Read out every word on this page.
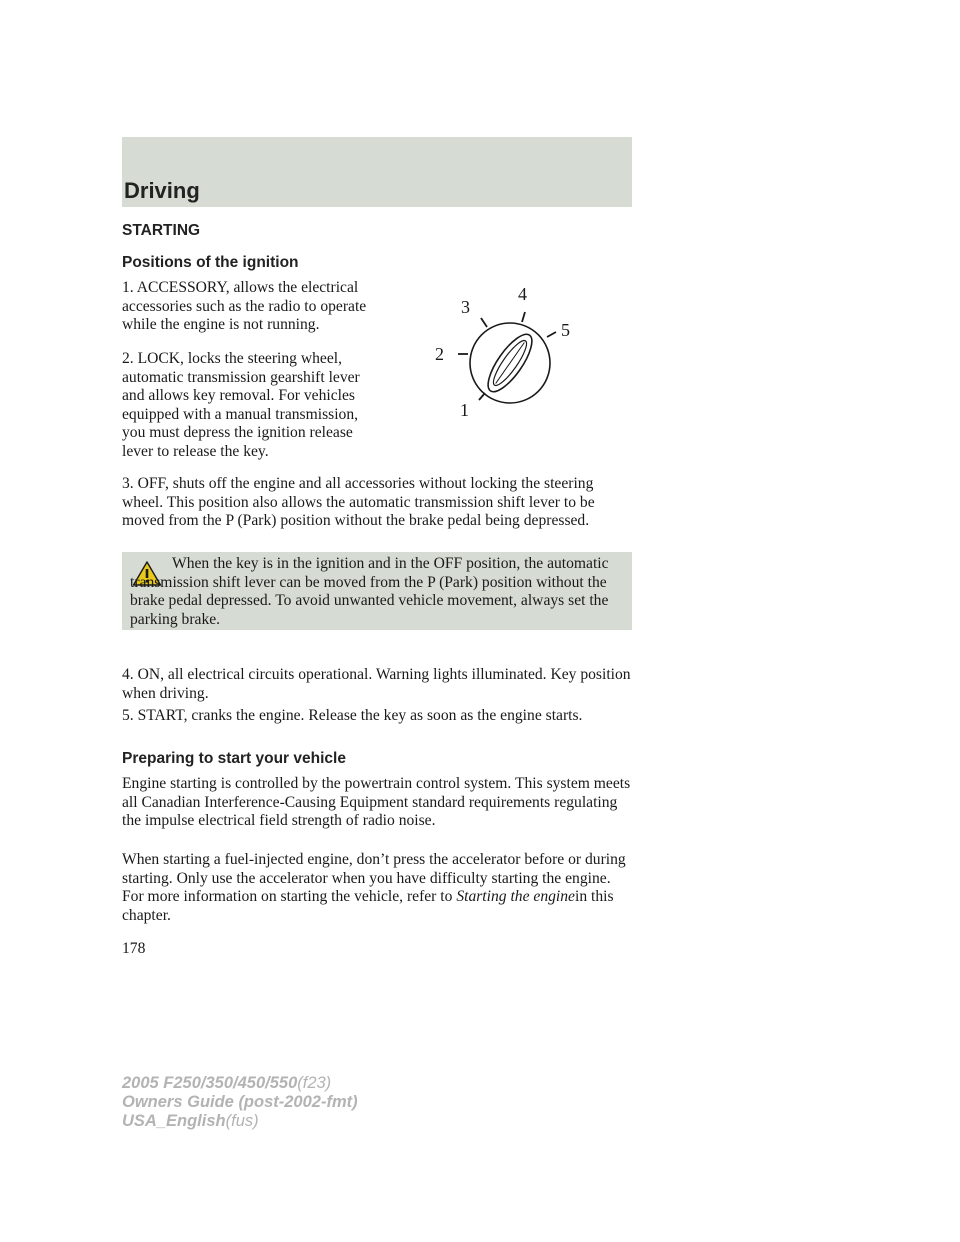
Driving
STARTING
Positions of the ignition

1. ACCESSORY, allows the electrical accessories such as the radio to operate while the engine is not running.

2. LOCK, locks the steering wheel, automatic transmission gearshift lever and allows key removal. For vehicles equipped with a manual transmission, you must depress the ignition release lever to release the key.

3. OFF, shuts off the engine and all accessories without locking the steering wheel. This position also allows the automatic transmission shift lever to be moved from the P (Park) position without the brake pedal being depressed.

1
2
3
4
5

When the key is in the ignition and in the OFF position, the automatic transmission shift lever can be moved from the P (Park) position without the brake pedal depressed. To avoid unwanted vehicle movement, always set the parking brake.

4. ON, all electrical circuits operational. Warning lights illuminated. Key position when driving.

5. START, cranks the engine. Release the key as soon as the engine starts.

Preparing to start your vehicle

Engine starting is controlled by the powertrain control system. This system meets all Canadian Interference-Causing Equipment standard requirements regulating the impulse electrical field strength of radio noise.

When starting a fuel-injected engine, don’t press the accelerator before or during starting. Only use the accelerator when you have difficulty starting the engine. For more information on starting the vehicle, refer to Starting the enginein this chapter.

178

2005 F250/350/450/550(f23)
Owners Guide (post-2002-fmt)
USA_English(fus)
